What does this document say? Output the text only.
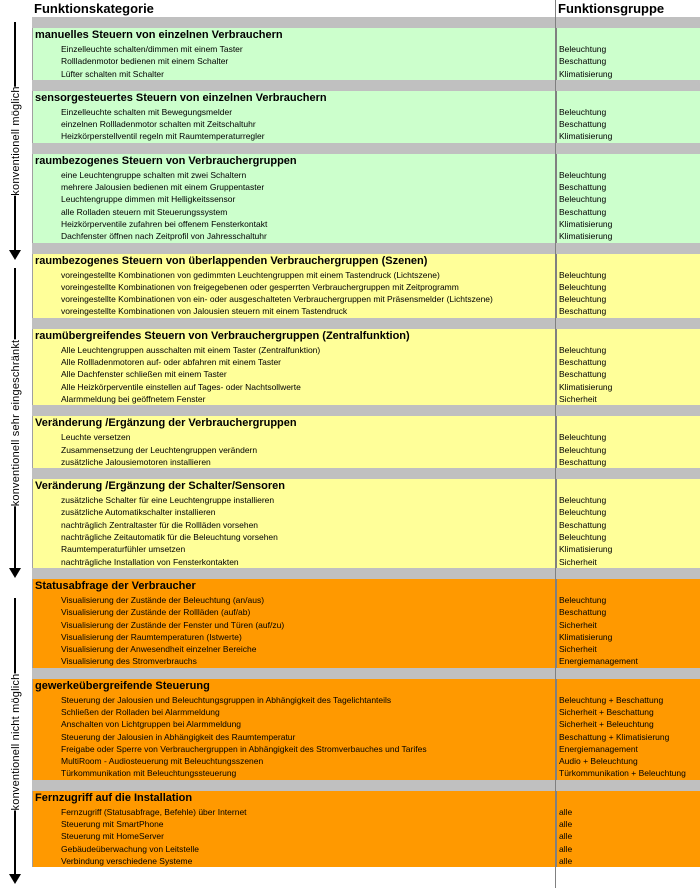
konventionell möglich
konventionell sehr eingeschränkt
konventionell nicht möglich
Funktionskategorie	Funktionsgruppe
manuelles Steuern von einzelnen Verbrauchern
Einzelleuchte schalten/dimmen mit einem Taster	Beleuchtung
Rollladenmotor bedienen mit einem Schalter	Beschattung
Lüfter schalten mit Schalter	Klimatisierung
sensorgesteuertes Steuern von einzelnen Verbrauchern
Einzelleuchte schalten mit Bewegungsmelder	Beleuchtung
einzelnen Rollladenmotor schalten mit Zeitschaltuhr	Beschattung
Heizkörperstellventil regeln mit Raumtemperaturregler	Klimatisierung
raumbezogenes Steuern von Verbrauchergruppen
eine Leuchtengruppe schalten mit zwei Schaltern	Beleuchtung
mehrere Jalousien bedienen mit einem Gruppentaster	Beschattung
Leuchtengruppe dimmen mit Helligkeitssensor	Beleuchtung
alle Rolladen steuern mit Steuerungssystem	Beschattung
Heizkörperventile zufahren bei offenem Fensterkontakt	Klimatisierung
Dachfenster öffnen nach Zeitprofil von Jahresschaltuhr	Klimatisierung
raumbezogenes Steuern von überlappenden Verbrauchergruppen (Szenen)
voreingestellte Kombinationen von gedimmten Leuchtengruppen mit einem Tastendruck (Lichtszene)	Beleuchtung
voreingestellte Kombinationen von freigegebenen oder gesperrten Verbrauchergruppen mit Zeitprogramm	Beleuchtung
voreingestellte Kombinationen von ein- oder ausgeschalteten Verbrauchergruppen mit Präsensmelder (Lichtszene)	Beleuchtung
voreingestellte Kombinationen von Jalousien steuern mit einem Tastendruck	Beschattung
raumübergreifendes Steuern von Verbrauchergruppen (Zentralfunktion)
Alle Leuchtengruppen ausschalten mit einem Taster (Zentralfunktion)	Beleuchtung
Alle Rollladenmotoren auf- oder abfahren mit einem Taster	Beschattung
Alle Dachfenster schließen mit einem Taster	Beschattung
Alle Heizkörperventile einstellen auf Tages- oder Nachtsollwerte	Klimatisierung
Alarmmeldung bei geöffnetem Fenster	Sicherheit
Veränderung /Ergänzung der Verbrauchergruppen
Leuchte versetzen	Beleuchtung
Zusammensetzung der Leuchtengruppen verändern	Beleuchtung
zusätzliche Jalousiemotoren installieren	Beschattung
Veränderung /Ergänzung der Schalter/Sensoren
zusätzliche Schalter für eine Leuchtengruppe installieren	Beleuchtung
zusätzliche Automatikschalter installieren	Beleuchtung
nachträglich Zentraltaster für die Rollläden vorsehen	Beschattung
nachträgliche Zeitautomatik für die Beleuchtung vorsehen	Beleuchtung
Raumtemperaturfühler umsetzen	Klimatisierung
nachträgliche Installation von Fensterkontakten	Sicherheit
Statusabfrage der Verbraucher
Visualisierung der Zustände der Beleuchtung (an/aus)	Beleuchtung
Visualisierung der Zustände der Rollläden (auf/ab)	Beschattung
Visualisierung der Zustände der Fenster und Türen (auf/zu)	Sicherheit
Visualisierung der Raumtemperaturen (Istwerte)	Klimatisierung
Visualisierung der Anwesendheit einzelner Bereiche	Sicherheit
Visualisierung des Stromverbrauchs	Energiemanagement
gewerkeübergreifende Steuerung
Steuerung der Jalousien und Beleuchtungsgruppen in Abhängigkeit des Tagelichtanteils	Beleuchtung + Beschattung
Schließen der Rolladen bei Alarmmeldung	Sicherheit + Beschattung
Anschalten von Lichtgruppen bei Alarmmeldung	Sicherheit + Beleuchtung
Steuerung der Jalousien in Abhängigkeit des Raumtemperatur	Beschattung + Klimatisierung
Freigabe oder Sperre von Verbrauchergruppen in Abhängigkeit des Stromverbauches und Tarifes	Energiemanagement
MultiRoom - Audiosteuerung mit Beleuchtungsszenen	Audio + Beleuchtung
Türkommunikation mit Beleuchtungssteuerung	Türkommunikation + Beleuchtung
Fernzugriff auf die Installation
Fernzugriff (Statusabfrage, Befehle) über Internet	alle
Steuerung mit SmartPhone	alle
Steuerung mit HomeServer	alle
Gebäudeüberwachung von Leitstelle	alle
Verbindung verschiedene Systeme	alle
